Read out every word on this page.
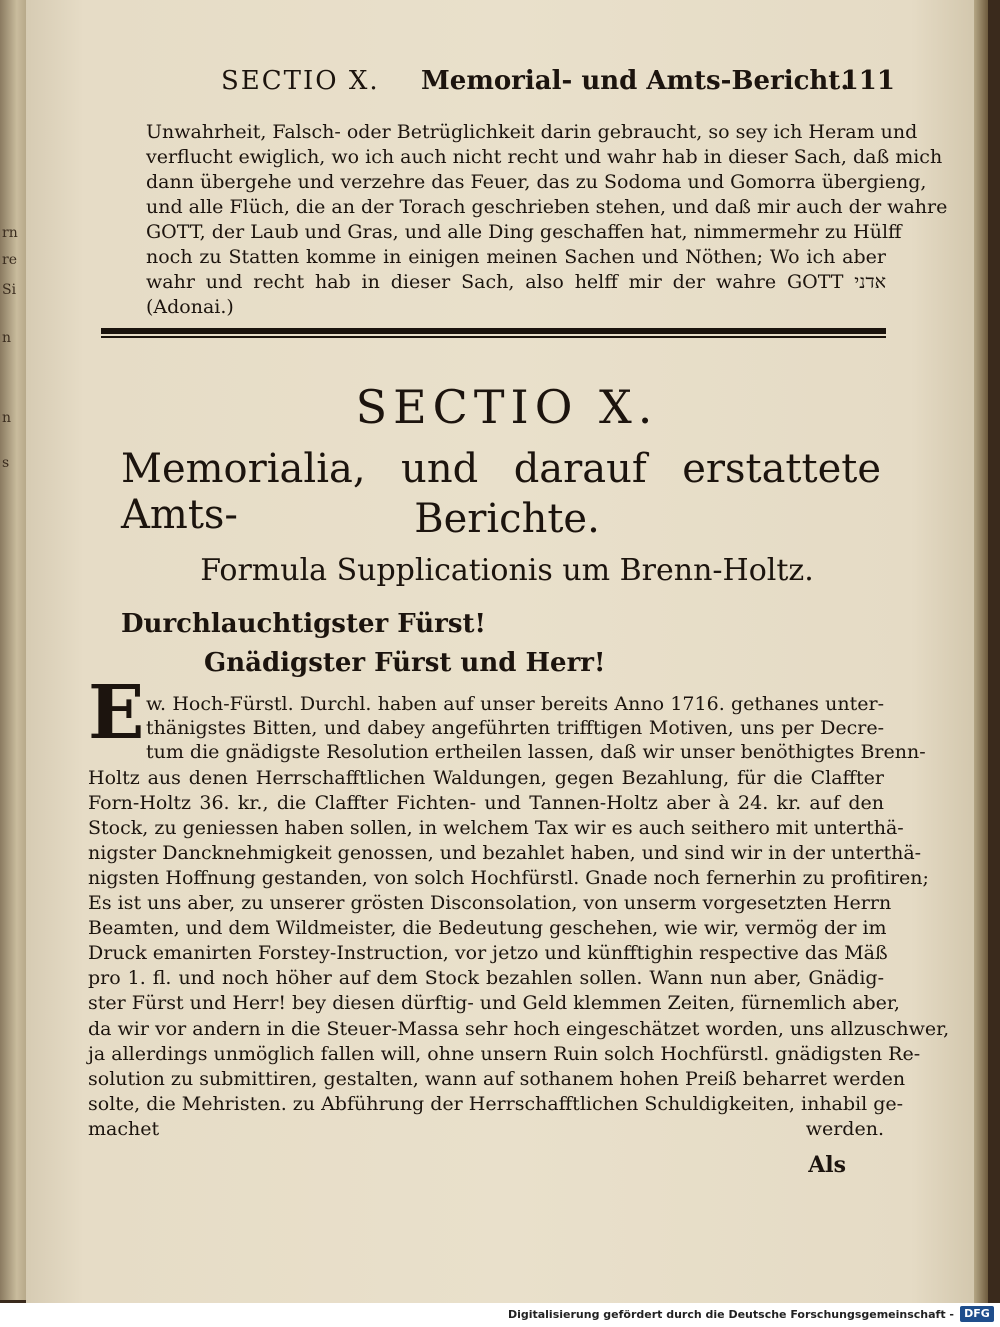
rn
re
Si
n
n
s
SECTIO X. Memorial- und Amts-Bericht.
111
Unwahrheit, Falsch- oder Betrüglichkeit darin gebraucht, so sey ich Heram und
verflucht ewiglich, wo ich auch nicht recht und wahr hab in dieser Sach, daß mich
dann übergehe und verzehre das Feuer, das zu Sodoma und Gomorra übergieng,
und alle Flüch, die an der Torach geschrieben stehen, und daß mir auch der wahre
GOTT, der Laub und Gras, und alle Ding geschaffen hat, nimmermehr zu Hülff
noch zu Statten komme in einigen meinen Sachen und Nöthen; Wo ich aber
wahr und recht hab in dieser Sach, also helff mir der wahre GOTT אדני
(Adonai.)
SECTIO X.
Memorialia, und darauf erstattete Amts-	Berichte.
Formula Supplicationis um Brenn-Holtz.
Durchlauchtigster Fürst!
Gnädigster Fürst und Herr!
E w. Hoch-Fürstl. Durchl. haben auf unser bereits Anno 1716. gethanes unter-
thänigstes Bitten, und dabey angeführten trifftigen Motiven, uns per Decre-
tum die gnädigste Resolution ertheilen lassen, daß wir unser benöthigtes Brenn-
Holtz aus denen Herrschafftlichen Waldungen, gegen Bezahlung, für die Claffter
Forn-Holtz 36. kr., die Claffter Fichten- und Tannen-Holtz aber à 24. kr. auf den
Stock, zu geniessen haben sollen, in welchem Tax wir es auch seithero mit unterthä-
nigster Dancknehmigkeit genossen, und bezahlet haben, und sind wir in der unterthä-
nigsten Hoffnung gestanden, von solch Hochfürstl. Gnade noch fernerhin zu profitiren;
Es ist uns aber, zu unserer grösten Disconsolation, von unserm vorgesetzten Herrn
Beamten, und dem Wildmeister, die Bedeutung geschehen, wie wir, vermög der im
Druck emanirten Forstey-Instruction, vor jetzo und künfftighin respective das Mäß
pro 1. fl. und noch höher auf dem Stock bezahlen sollen. Wann nun aber, Gnädig-
ster Fürst und Herr! bey diesen dürftig- und Geld klemmen Zeiten, fürnemlich aber,
da wir vor andern in die Steuer-Massa sehr hoch eingeschätzet worden, uns allzuschwer,
ja allerdings unmöglich fallen will, ohne unsern Ruin solch Hochfürstl. gnädigsten Re-
solution zu submittiren, gestalten, wann auf sothanem hohen Preiß beharret werden
solte, die Mehristen. zu Abführung der Herrschafftlichen Schuldigkeiten, inhabil ge-
machet werden.
Als
Digitalisierung gefördert durch die Deutsche Forschungsgemeinschaft - DFG
